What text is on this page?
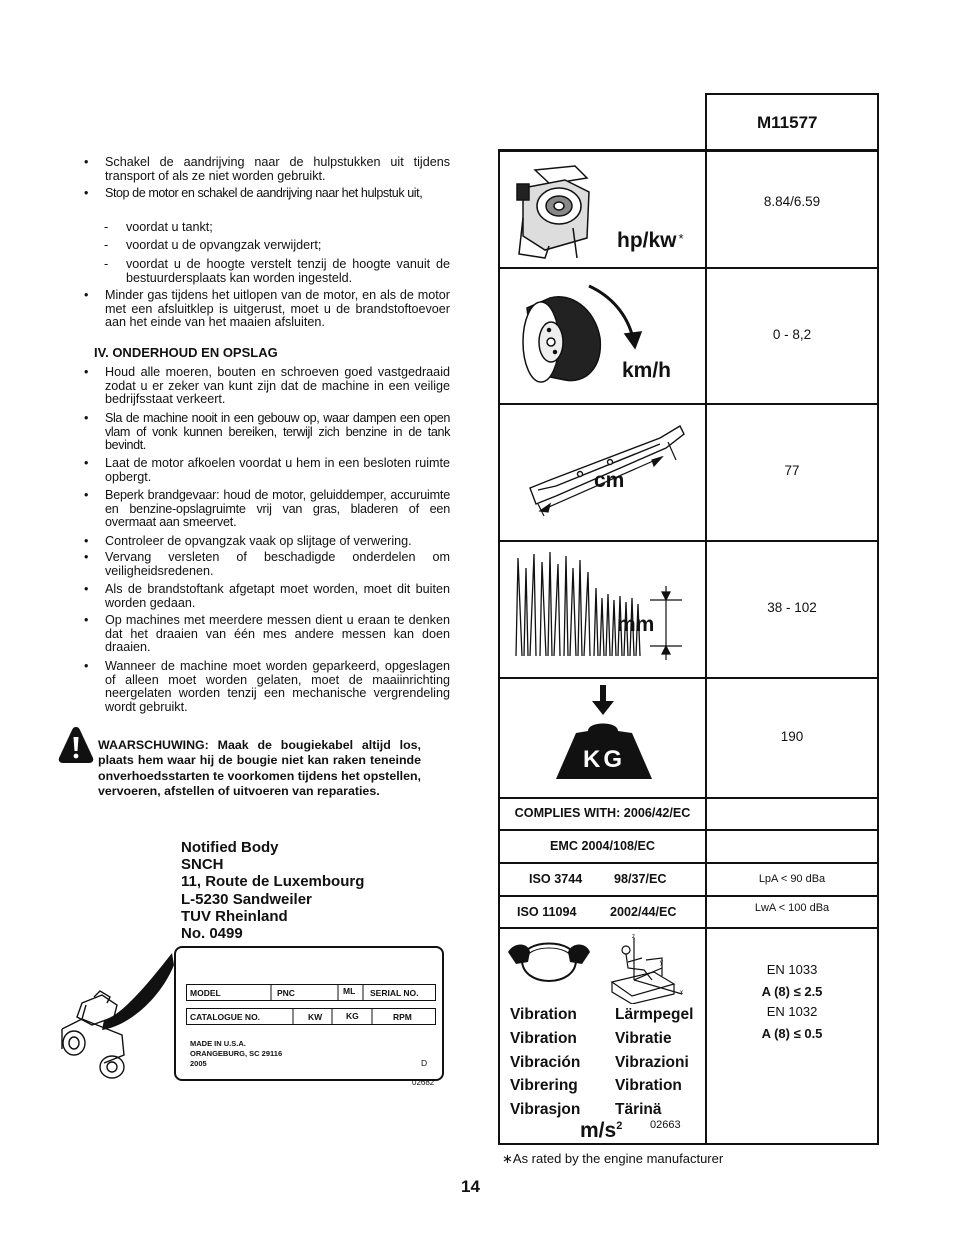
• Schakel de aandrijving naar de hulpstukken uit tijdens transport of als ze niet worden gebruikt.
• Stop de motor en schakel de aandrijving naar het hulpstuk uit,
- voordat u tankt;
- voordat u de opvangzak verwijdert;
- voordat u de hoogte verstelt tenzij de hoogte vanuit de bestuurdersplaats kan worden ingesteld.
• Minder gas tijdens het uitlopen van de motor, en als de motor met een afsluitklep is uitgerust, moet u de brandstoftoevoer aan het einde van het maaien afsluiten.
IV. ONDERHOUD EN OPSLAG
• Houd alle moeren, bouten en schroeven goed vastgedraaid zodat u er zeker van kunt zijn dat de machine in een veilige bedrijfsstaat verkeert.
• Sla de machine nooit in een gebouw op, waar dampen een open vlam of vonk kunnen bereiken, terwijl zich benzine in de tank bevindt.
• Laat de motor afkoelen voordat u hem in een besloten ruimte opbergt.
• Beperk brandgevaar: houd de motor, geluiddemper, accuruimte en benzine-opslagruimte vrij van gras, bladeren of een overmaat aan smeervet.
• Controleer de opvangzak vaak op slijtage of verwering.
• Vervang versleten of beschadigde onderdelen om veiligheidsredenen.
• Als de brandstoftank afgetapt moet worden, moet dit buiten worden gedaan.
• Op machines met meerdere messen dient u eraan te denken dat het draaien van één mes andere messen kan doen draaien.
• Wanneer de machine moet worden geparkeerd, opgeslagen of alleen moet worden gelaten, moet de maaiinrichting neergelaten worden tenzij een mechanische vergrendeling wordt gebruikt.
WAARSCHUWING: Maak de bougiekabel altijd los, plaats hem waar hij de bougie niet kan raken teneinde onverhoedsstarten te voorkomen tijdens het opstellen, vervoeren, afstellen of uitvoeren van reparaties.
Notified Body
SNCH
11, Route de Luxembourg
L-5230 Sandweiler
TUV Rheinland
No. 0499
MODEL	PNC	ML SERIAL NO.
CATALOGUE NO.	KW	KG	RPM
MADE IN U.S.A.
ORANGEBURG, SC 29116
2005	D
02682
M11577
hp/kw *
8.84/6.59
km/h
0 - 8,2
cm	77
mm
38 - 102
KG
190
COMPLIES WITH: 2006/42/EC
EMC 2004/108/EC
ISO 3744	98/37/EC	LpA < 90 dBa
ISO 11094	2002/44/EC	LwA < 100 dBa
z
x
y
Vibration
Vibration
Vibración
Vibrering
Vibrasjon
Lärmpegel
Vibratie
Vibrazioni
Vibration
Tärinä
$m/s^2$	02663
EN 1033
A (8) ≤ 2.5
EN 1032
A (8) ≤ 0.5
∗As rated by the engine manufacturer
14
